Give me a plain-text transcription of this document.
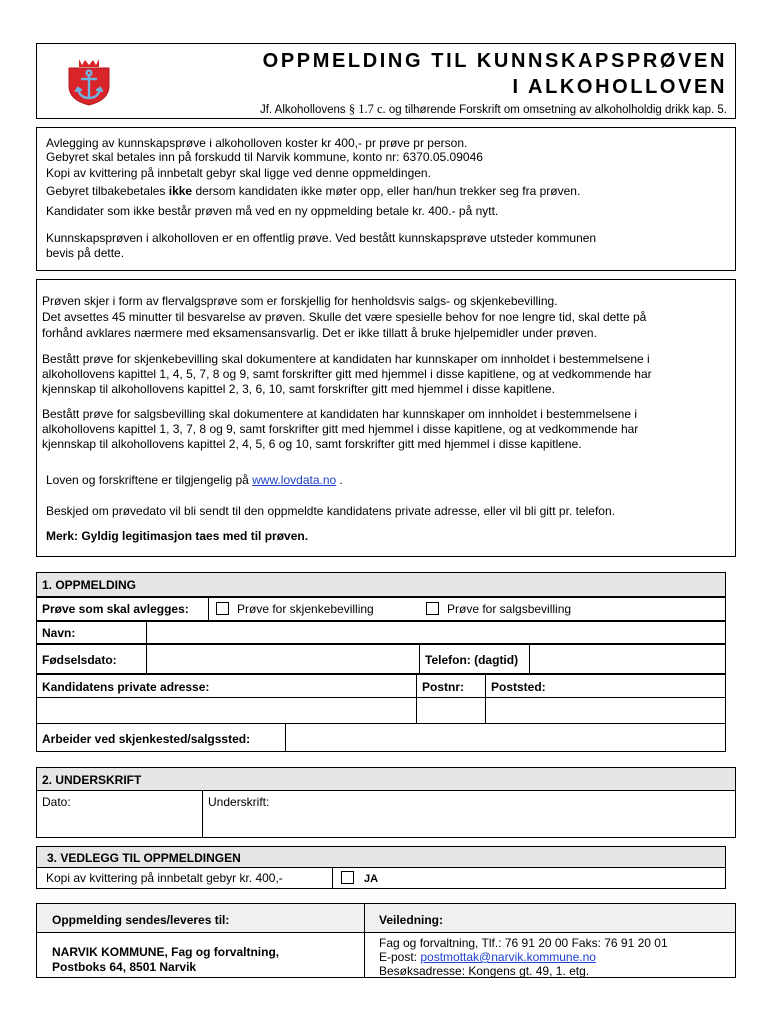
OPPMELDING TIL KUNNSKAPSPRØVEN
I ALKOHOLLOVEN
Jf. Alkohollovens § 1.7 c. og tilhørende Forskrift om omsetning av alkoholholdig drikk kap. 5.
Avlegging av kunnskapsprøve i alkoholloven koster kr 400,- pr prøve pr person.
Gebyret skal betales inn på forskudd til Narvik kommune, konto nr: 6370.05.09046
Kopi av kvittering på innbetalt gebyr skal ligge ved denne oppmeldingen.
Gebyret tilbakebetales ikke dersom kandidaten ikke møter opp, eller han/hun trekker seg fra prøven.
Kandidater som ikke består prøven må ved en ny oppmelding betale kr. 400.- på nytt.
Kunnskapsprøven i alkoholloven er en offentlig prøve. Ved bestått kunnskapsprøve utsteder kommunen
bevis på dette.
Prøven skjer i form av flervalgsprøve som er forskjellig for henholdsvis salgs- og skjenkebevilling.
Det avsettes 45 minutter til besvarelse av prøven. Skulle det være spesielle behov for noe lengre tid, skal dette på
forhånd avklares nærmere med eksamensansvarlig. Det er ikke tillatt å bruke hjelpemidler under prøven.
Bestått prøve for skjenkebevilling skal dokumentere at kandidaten har kunnskaper om innholdet i bestemmelsene i
alkohollovens kapittel 1, 4, 5, 7, 8 og 9, samt forskrifter gitt med hjemmel i disse kapitlene, og at vedkommende har
kjennskap til alkohollovens kapittel 2, 3, 6, 10, samt forskrifter gitt med hjemmel i disse kapitlene.
Bestått prøve for salgsbevilling skal dokumentere at kandidaten har kunnskaper om innholdet i bestemmelsene i
alkohollovens kapittel 1, 3, 7, 8 og 9, samt forskrifter gitt med hjemmel i disse kapitlene, og at vedkommende har
kjennskap til alkohollovens kapittel 2, 4, 5, 6 og 10, samt forskrifter gitt med hjemmel i disse kapitlene.
Loven og forskriftene er tilgjengelig på www.lovdata.no .
Beskjed om prøvedato vil bli sendt til den oppmeldte kandidatens private adresse, eller vil bli gitt pr. telefon.
Merk: Gyldig legitimasjon taes med til prøven.
1. OPPMELDING
Prøve som skal avlegges:	Prøve for skjenkebevilling	Prøve for salgsbevilling
Navn:
Fødselsdato:	Telefon: (dagtid)
Kandidatens private adresse:	Postnr:	Poststed:
Arbeider ved skjenkested/salgssted:
2. UNDERSKRIFT
Dato:	Underskrift:
3. VEDLEGG TIL OPPMELDINGEN
Kopi av kvittering på innbetalt gebyr kr. 400,-	JA
Oppmelding sendes/leveres til:	Veiledning:
NARVIK KOMMUNE, Fag og forvaltning,
Postboks 64, 8501 Narvik
Fag og forvaltning, Tlf.: 76 91 20 00 Faks: 76 91 20 01
E-post: postmottak@narvik.kommune.no
Besøksadresse: Kongens gt. 49, 1. etg.
